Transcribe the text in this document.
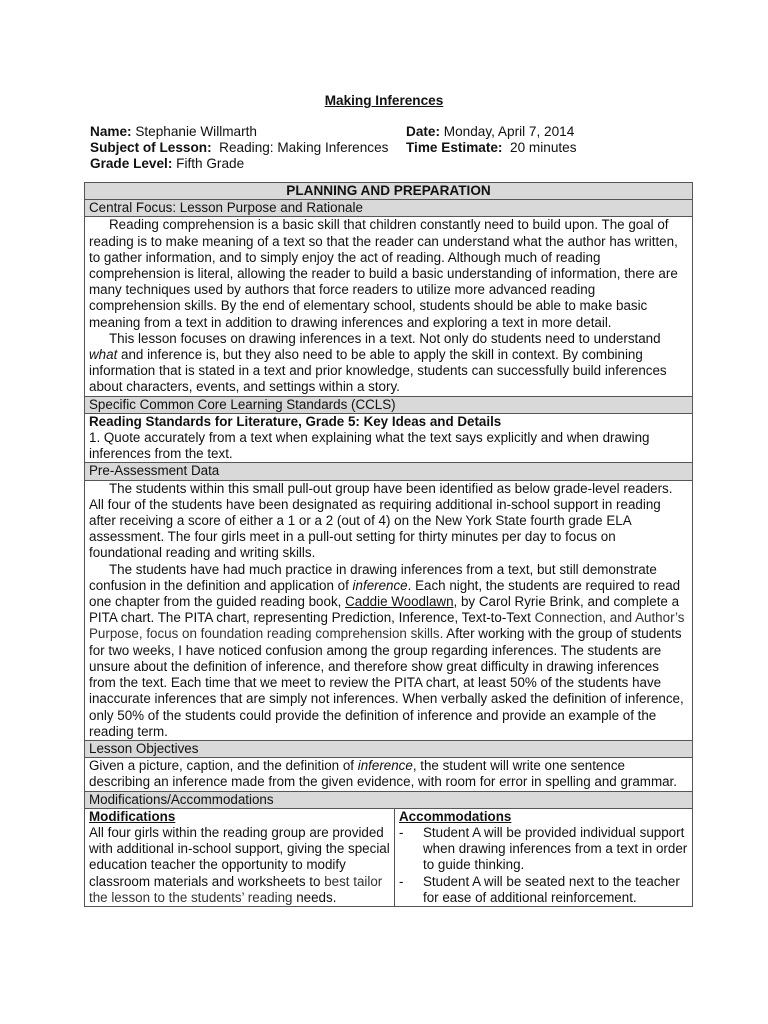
Making Inferences
Name: Stephanie Willmarth
Subject of Lesson: Reading: Making Inferences
Grade Level: Fifth Grade
Date: Monday, April 7, 2014
Time Estimate: 20 minutes
PLANNING AND PREPARATION
Central Focus: Lesson Purpose and Rationale

Reading comprehension is a basic skill that children constantly need to build upon. The goal of reading is to make meaning of a text so that the reader can understand what the author has written, to gather information, and to simply enjoy the act of reading. Although much of reading comprehension is literal, allowing the reader to build a basic understanding of information, there are many techniques used by authors that force readers to utilize more advanced reading comprehension skills. By the end of elementary school, students should be able to make basic meaning from a text in addition to drawing inferences and exploring a text in more detail.

This lesson focuses on drawing inferences in a text. Not only do students need to understand what and inference is, but they also need to be able to apply the skill in context. By combining information that is stated in a text and prior knowledge, students can successfully build inferences about characters, events, and settings within a story.

Specific Common Core Learning Standards (CCLS)

Reading Standards for Literature, Grade 5: Key Ideas and Details

1. Quote accurately from a text when explaining what the text says explicitly and when drawing inferences from the text.

Pre-Assessment Data

The students within this small pull-out group have been identified as below grade-level readers. All four of the students have been designated as requiring additional in-school support in reading after receiving a score of either a 1 or a 2 (out of 4) on the New York State fourth grade ELA assessment. The four girls meet in a pull-out setting for thirty minutes per day to focus on foundational reading and writing skills.

The students have had much practice in drawing inferences from a text, but still demonstrate confusion in the definition and application of inference. Each night, the students are required to read one chapter from the guided reading book, Caddie Woodlawn, by Carol Ryrie Brink, and complete a PITA chart. The PITA chart, representing Prediction, Inference, Text-to-Text Connection, and Author’s Purpose, focus on foundation reading comprehension skills. After working with the group of students for two weeks, I have noticed confusion among the group regarding inferences. The students are unsure about the definition of inference, and therefore show great difficulty in drawing inferences from the text. Each time that we meet to review the PITA chart, at least 50% of the students have inaccurate inferences that are simply not inferences. When verbally asked the definition of inference, only 50% of the students could provide the definition of inference and provide an example of the reading term.

Lesson Objectives

Given a picture, caption, and the definition of inference, the student will write one sentence describing an inference made from the given evidence, with room for error in spelling and grammar.

Modifications/Accommodations

Modifications

All four girls within the reading group are provided with additional in-school support, giving the special education teacher the opportunity to modify classroom materials and worksheets to best tailor the lesson to the students’ reading needs.

Accommodations

- Student A will be provided individual support when drawing inferences from a text in order to guide thinking.
- Student A will be seated next to the teacher for ease of additional reinforcement.
